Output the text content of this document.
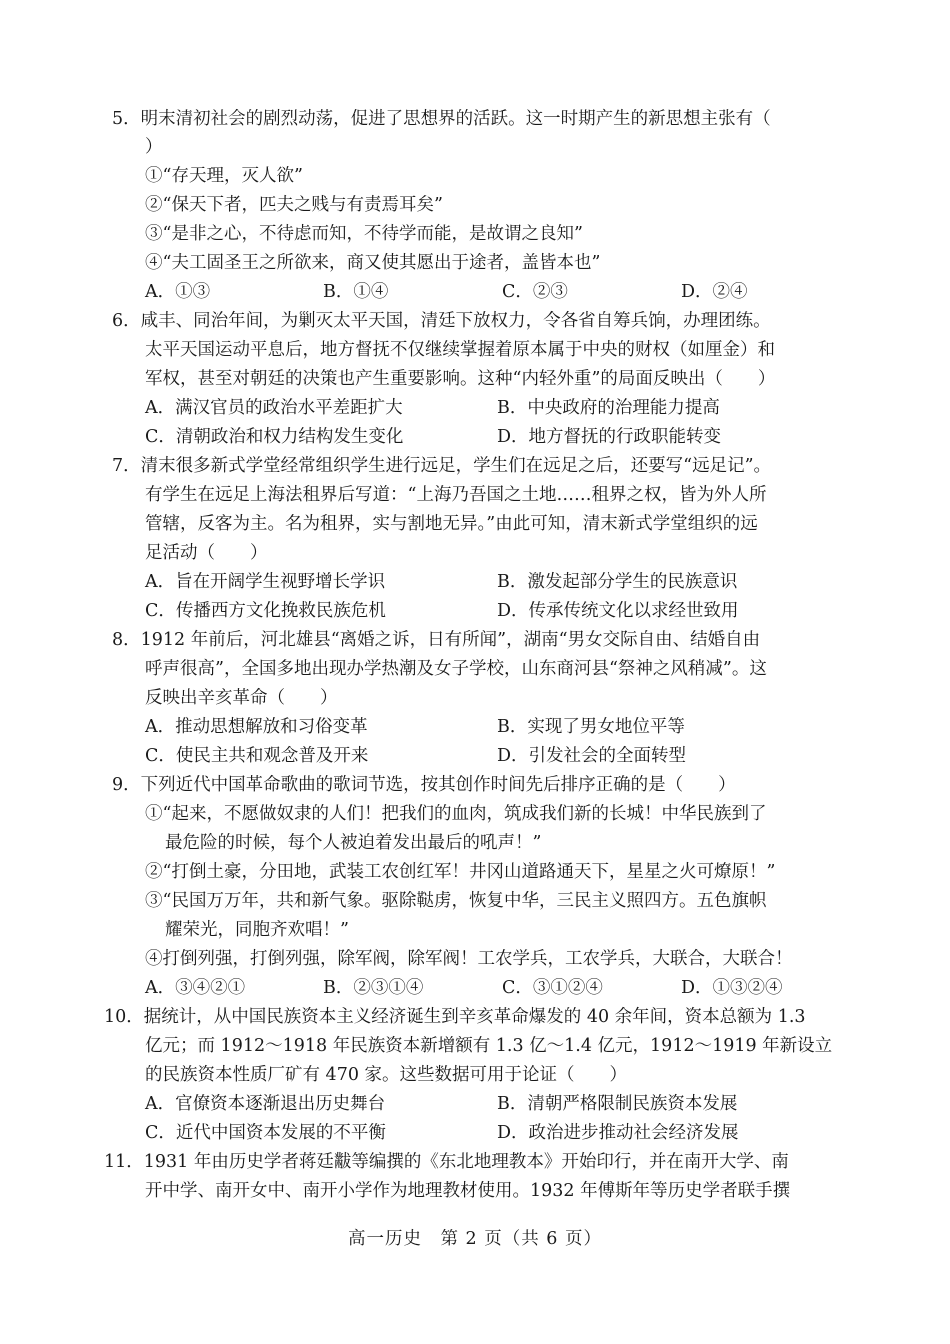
5．明末清初社会的剧烈动荡，促进了思想界的活跃。这一时期产生的新思想主张有（
）
①“存天理，灭人欲”
②“保天下者，匹夫之贱与有责焉耳矣”
③“是非之心，不待虑而知，不待学而能，是故谓之良知”
④“夫工固圣王之所欲来，商又使其愿出于途者，盖皆本也”
A．①③	B．①④	C．②③	D．②④
6．咸丰、同治年间，为剿灭太平天国，清廷下放权力，令各省自筹兵饷，办理团练。
太平天国运动平息后，地方督抚不仅继续掌握着原本属于中央的财权（如厘金）和
军权，甚至对朝廷的决策也产生重要影响。这种“内轻外重”的局面反映出（　　）
A．满汉官员的政治水平差距扩大	B．中央政府的治理能力提高
C．清朝政治和权力结构发生变化	D．地方督抚的行政职能转变
7．清末很多新式学堂经常组织学生进行远足，学生们在远足之后，还要写“远足记”。
有学生在远足上海法租界后写道：“上海乃吾国之土地……租界之权，皆为外人所
管辖，反客为主。名为租界，实与割地无异。”由此可知，清末新式学堂组织的远
足活动（　　）
A．旨在开阔学生视野增长学识	B．激发起部分学生的民族意识
C．传播西方文化挽救民族危机	D．传承传统文化以求经世致用
8．1912 年前后，河北雄县“离婚之诉，日有所闻”，湖南“男女交际自由、结婚自由
呼声很高”，全国多地出现办学热潮及女子学校，山东商河县“祭神之风稍减”。这
反映出辛亥革命（　　）
A．推动思想解放和习俗变革	B．实现了男女地位平等
C．使民主共和观念普及开来	D．引发社会的全面转型
9．下列近代中国革命歌曲的歌词节选，按其创作时间先后排序正确的是（　　）
①“起来，不愿做奴隶的人们！把我们的血肉，筑成我们新的长城！中华民族到了
最危险的时候，每个人被迫着发出最后的吼声！”
②“打倒土豪，分田地，武装工农创红军！井冈山道路通天下，星星之火可燎原！”
③“民国万万年，共和新气象。驱除鞑虏，恢复中华，三民主义照四方。五色旗帜
耀荣光，同胞齐欢唱！”
④打倒列强，打倒列强，除军阀，除军阀！工农学兵，工农学兵，大联合，大联合！
A．③④②①	B．②③①④	C．③①②④	D．①③②④
10．据统计，从中国民族资本主义经济诞生到辛亥革命爆发的 40 余年间，资本总额为 1.3
亿元；而 1912～1918 年民族资本新增额有 1.3 亿～1.4 亿元，1912～1919 年新设立
的民族资本性质厂矿有 470 家。这些数据可用于论证（　　）
A．官僚资本逐渐退出历史舞台	B．清朝严格限制民族资本发展
C．近代中国资本发展的不平衡	D．政治进步推动社会经济发展
11．1931 年由历史学者蒋廷黻等编撰的《东北地理教本》开始印行，并在南开大学、南
开中学、南开女中、南开小学作为地理教材使用。1932 年傅斯年等历史学者联手撰
高一历史　第 2 页（共 6 页）
